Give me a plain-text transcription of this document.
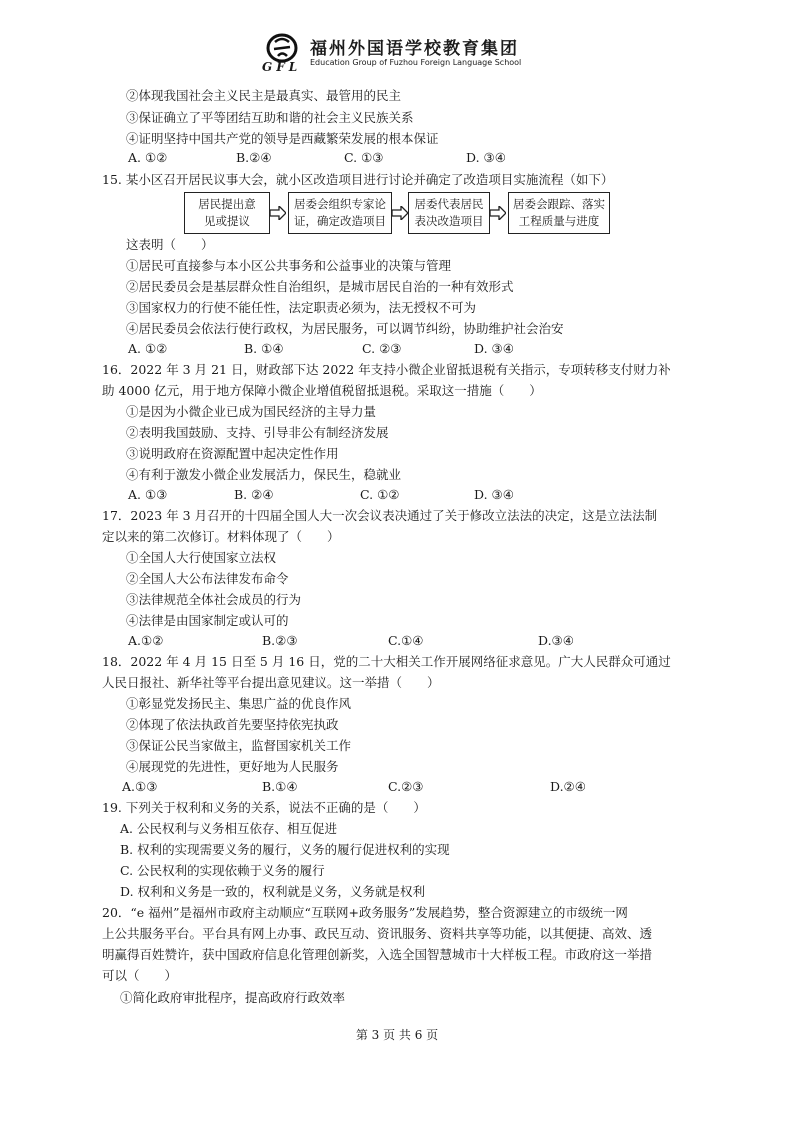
GFL
福州外国语学校教育集团
Education Group of Fuzhou Foreign Language School
②体现我国社会主义民主是最真实、最管用的民主
③保证确立了平等团结互助和谐的社会主义民族关系
④证明坚持中国共产党的领导是西藏繁荣发展的根本保证
A. ①②	B.②④	C. ①③	D. ③④
15. 某小区召开居民议事大会，就小区改造项目进行讨论并确定了改造项目实施流程（如下）
居民提出意
见或提议
居委会组织专家论
证，确定改造项目
居委代表居民
表决改造项目
居委会跟踪、落实
工程质量与进度
这表明（　　）
①居民可直接参与本小区公共事务和公益事业的决策与管理
②居民委员会是基层群众性自治组织，是城市居民自治的一种有效形式
③国家权力的行使不能任性，法定职责必须为，法无授权不可为
④居民委员会依法行使行政权，为居民服务，可以调节纠纷，协助维护社会治安
A. ①②	B. ①④	C. ②③	D. ③④
16．2022 年 3 月 21 日，财政部下达 2022 年支持小微企业留抵退税有关指示，专项转移支付财力补
助 4000 亿元，用于地方保障小微企业增值税留抵退税。采取这一措施（　　）
①是因为小微企业已成为国民经济的主导力量
②表明我国鼓励、支持、引导非公有制经济发展
③说明政府在资源配置中起决定性作用
④有利于激发小微企业发展活力，保民生，稳就业
A. ①③	B. ②④	C. ①②	D. ③④
17．2023 年 3 月召开的十四届全国人大一次会议表决通过了关于修改立法法的决定，这是立法法制
定以来的第二次修订。材料体现了（　　）
①全国人大行使国家立法权
②全国人大公布法律发布命令
③法律规范全体社会成员的行为
④法律是由国家制定或认可的
A.①②	B.②③	C.①④	D.③④
18．2022 年 4 月 15 日至 5 月 16 日，党的二十大相关工作开展网络征求意见。广大人民群众可通过
人民日报社、新华社等平台提出意见建议。这一举措（　　）
①彰显党发扬民主、集思广益的优良作风
②体现了依法执政首先要坚持依宪执政
③保证公民当家做主，监督国家机关工作
④展现党的先进性，更好地为人民服务
A.①③	B.①④	C.②③	D.②④
19. 下列关于权利和义务的关系，说法不正确的是（　　）
A. 公民权利与义务相互依存、相互促进
B. 权利的实现需要义务的履行，义务的履行促进权利的实现
C. 公民权利的实现依赖于义务的履行
D. 权利和义务是一致的，权利就是义务，义务就是权利
20．“e 福州”是福州市政府主动顺应“互联网+政务服务”发展趋势，整合资源建立的市级统一网
上公共服务平台。平台具有网上办事、政民互动、资讯服务、资料共享等功能，以其便捷、高效、透
明赢得百姓赞许，获中国政府信息化管理创新奖，入选全国智慧城市十大样板工程。市政府这一举措
可以（　　）
①简化政府审批程序，提高政府行政效率
第 3 页 共 6 页
